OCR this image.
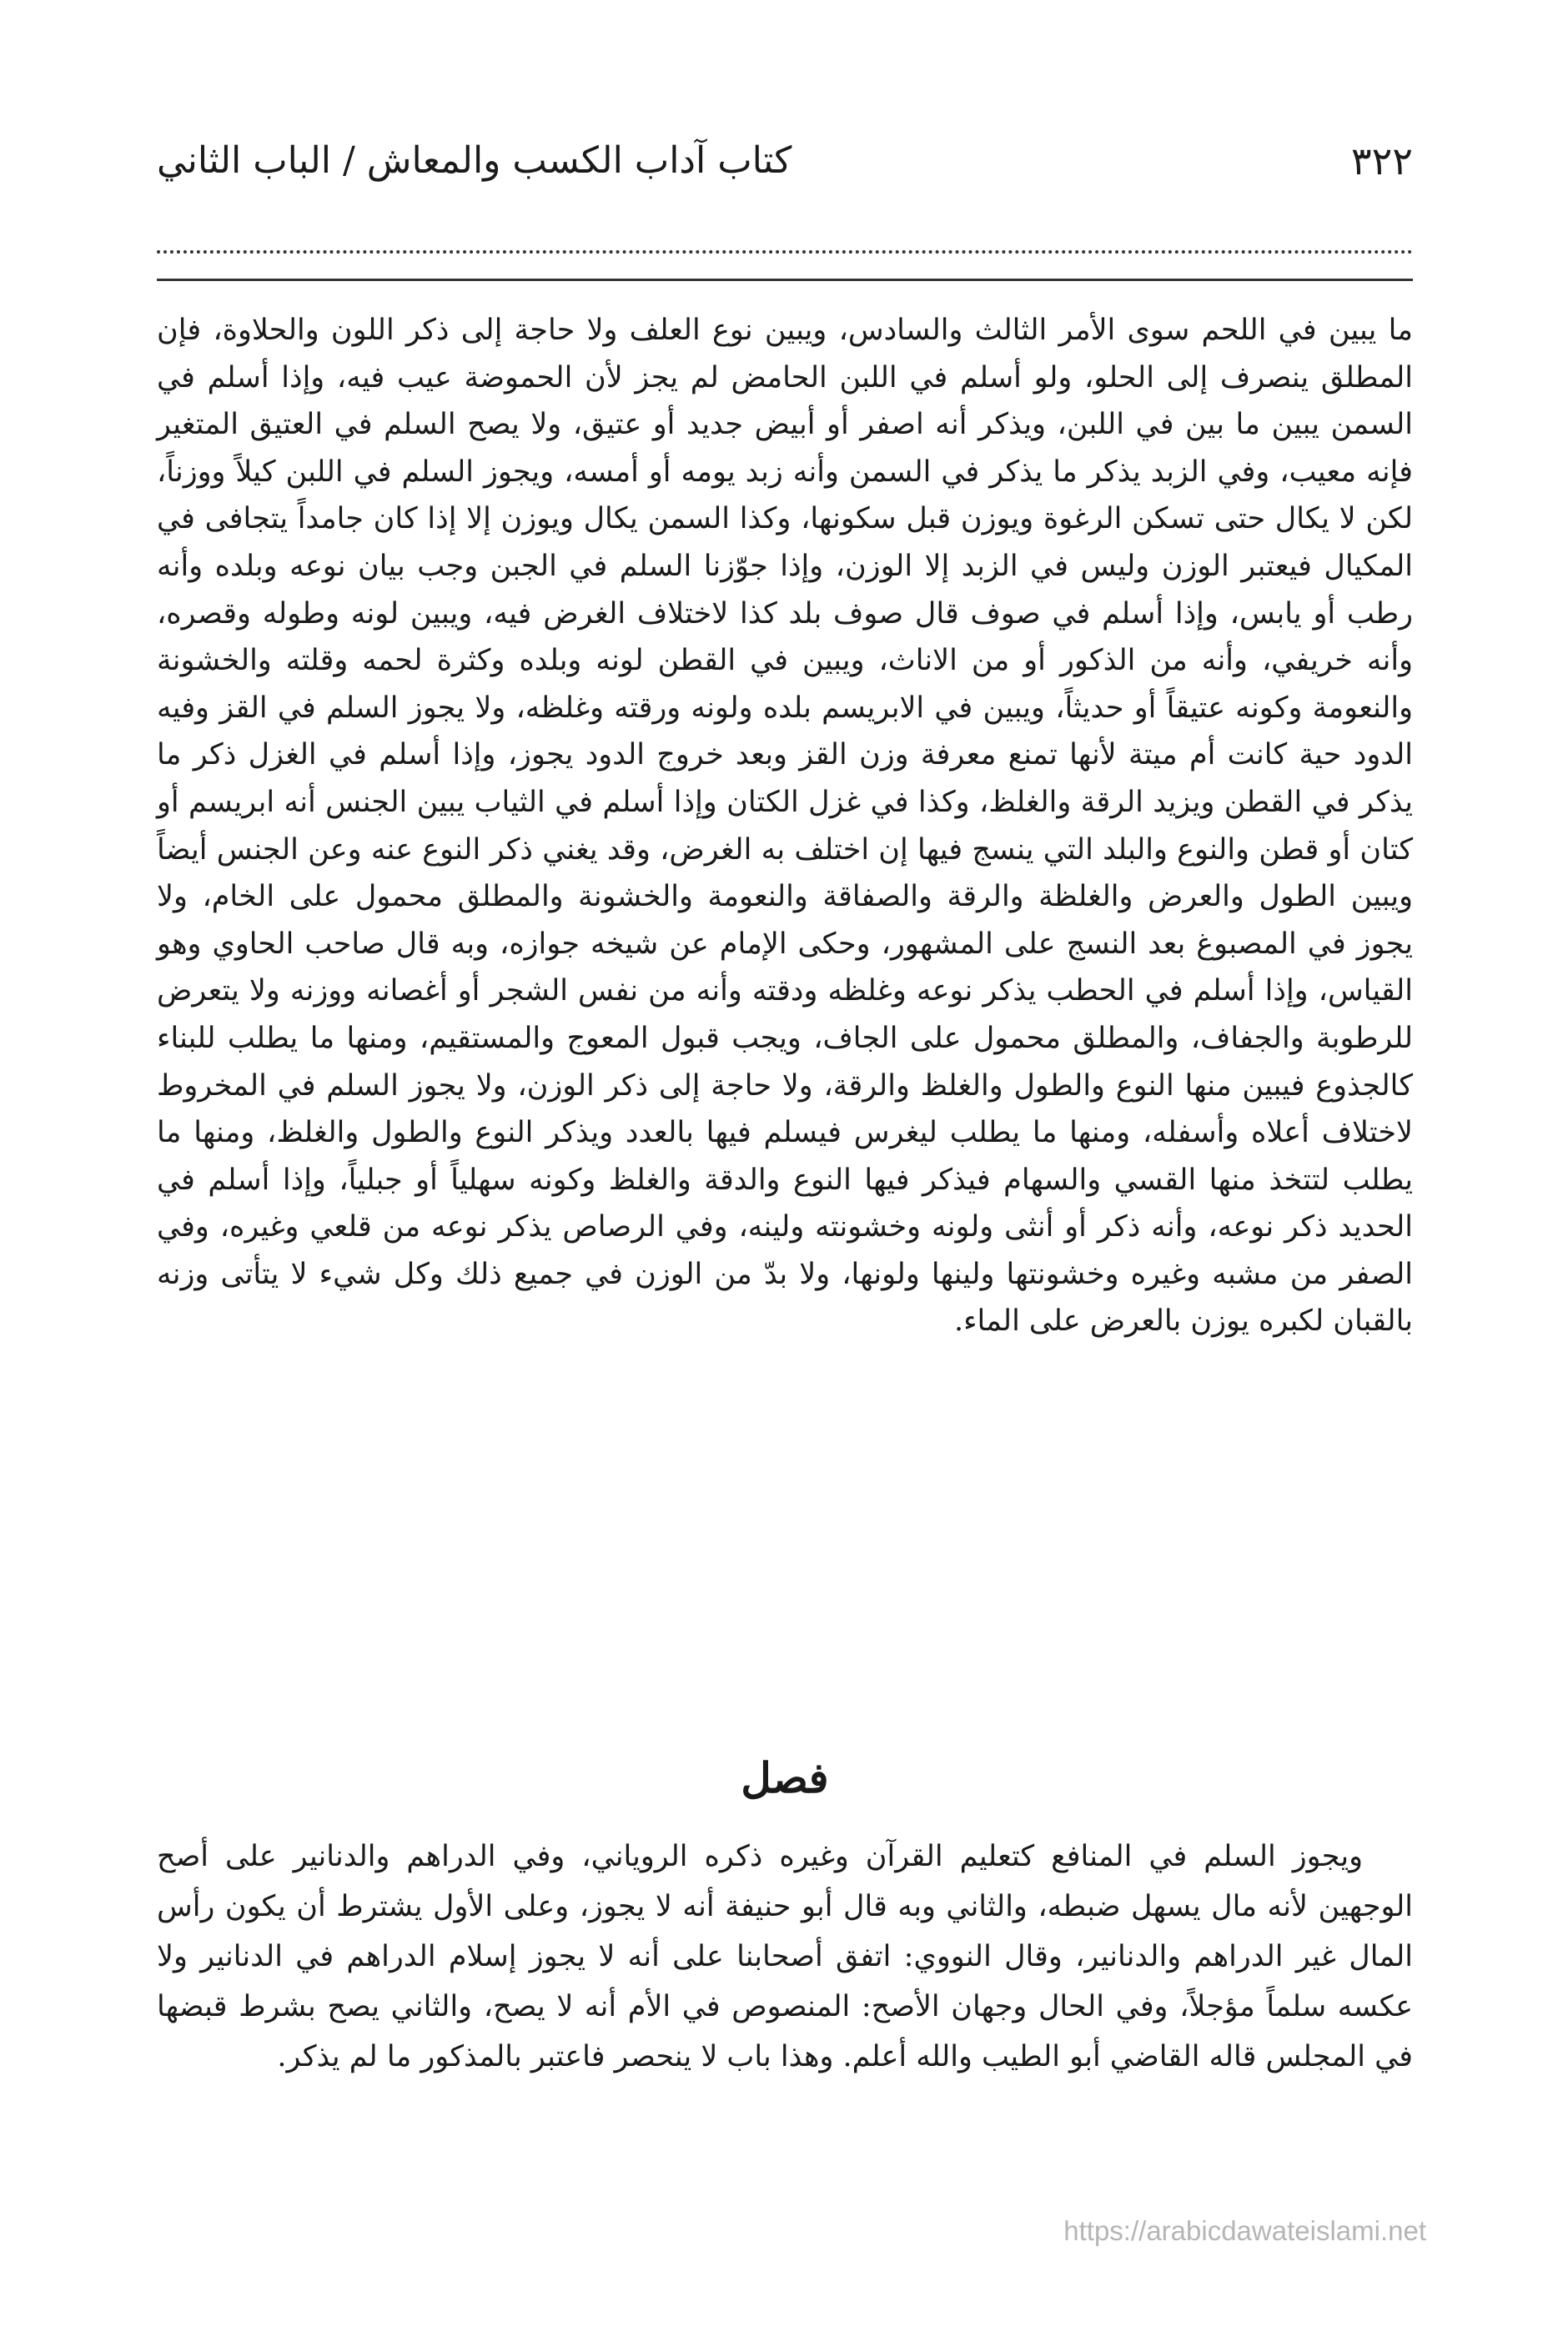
٣٢٢
كتاب آداب الكسب والمعاش / الباب الثاني

ما يبين في اللحم سوى الأمر الثالث والسادس، ويبين نوع العلف ولا حاجة إلى ذكر اللون والحلاوة، فإن المطلق ينصرف إلى الحلو، ولو أسلم في اللبن الحامض لم يجز لأن الحموضة عيب فيه، وإذا أسلم في السمن يبين ما بين في اللبن، ويذكر أنه اصفر أو أبيض جديد أو عتيق، ولا يصح السلم في العتيق المتغير فإنه معيب، وفي الزبد يذكر ما يذكر في السمن وأنه زبد يومه أو أمسه، ويجوز السلم في اللبن كيلاً ووزناً، لكن لا يكال حتى تسكن الرغوة ويوزن قبل سكونها، وكذا السمن يكال ويوزن إلا إذا كان جامداً يتجافى في المكيال فيعتبر الوزن وليس في الزبد إلا الوزن، وإذا جوّزنا السلم في الجبن وجب بيان نوعه وبلده وأنه رطب أو يابس، وإذا أسلم في صوف قال صوف بلد كذا لاختلاف الغرض فيه، ويبين لونه وطوله وقصره، وأنه خريفي، وأنه من الذكور أو من الاناث، ويبين في القطن لونه وبلده وكثرة لحمه وقلته والخشونة والنعومة وكونه عتيقاً أو حديثاً، ويبين في الابريسم بلده ولونه ورقته وغلظه، ولا يجوز السلم في القز وفيه الدود حية كانت أم ميتة لأنها تمنع معرفة وزن القز وبعد خروج الدود يجوز، وإذا أسلم في الغزل ذكر ما يذكر في القطن ويزيد الرقة والغلظ، وكذا في غزل الكتان وإذا أسلم في الثياب يبين الجنس أنه ابريسم أو كتان أو قطن والنوع والبلد التي ينسج فيها إن اختلف به الغرض، وقد يغني ذكر النوع عنه وعن الجنس أيضاً ويبين الطول والعرض والغلظة والرقة والصفاقة والنعومة والخشونة والمطلق محمول على الخام، ولا يجوز في المصبوغ بعد النسج على المشهور، وحكى الإمام عن شيخه جوازه، وبه قال صاحب الحاوي وهو القياس، وإذا أسلم في الحطب يذكر نوعه وغلظه ودقته وأنه من نفس الشجر أو أغصانه ووزنه ولا يتعرض للرطوبة والجفاف، والمطلق محمول على الجاف، ويجب قبول المعوج والمستقيم، ومنها ما يطلب للبناء كالجذوع فيبين منها النوع والطول والغلظ والرقة، ولا حاجة إلى ذكر الوزن، ولا يجوز السلم في المخروط لاختلاف أعلاه وأسفله، ومنها ما يطلب ليغرس فيسلم فيها بالعدد ويذكر النوع والطول والغلظ، ومنها ما يطلب لتتخذ منها القسي والسهام فيذكر فيها النوع والدقة والغلظ وكونه سهلياً أو جبلياً، وإذا أسلم في الحديد ذكر نوعه، وأنه ذكر أو أنثى ولونه وخشونته ولينه، وفي الرصاص يذكر نوعه من قلعي وغيره، وفي الصفر من مشبه وغيره وخشونتها ولينها ولونها، ولا بدّ من الوزن في جميع ذلك وكل شيء لا يتأتى وزنه بالقبان لكبره يوزن بالعرض على الماء.

فصل

ويجوز السلم في المنافع كتعليم القرآن وغيره ذكره الروياني، وفي الدراهم والدنانير على أصح الوجهين لأنه مال يسهل ضبطه، والثاني وبه قال أبو حنيفة أنه لا يجوز، وعلى الأول يشترط أن يكون رأس المال غير الدراهم والدنانير، وقال النووي: اتفق أصحابنا على أنه لا يجوز إسلام الدراهم في الدنانير ولا عكسه سلماً مؤجلاً، وفي الحال وجهان الأصح: المنصوص في الأم أنه لا يصح، والثاني يصح بشرط قبضها في المجلس قاله القاضي أبو الطيب والله أعلم. وهذا باب لا ينحصر فاعتبر بالمذكور ما لم يذكر.

https://arabicdawateislami.net
